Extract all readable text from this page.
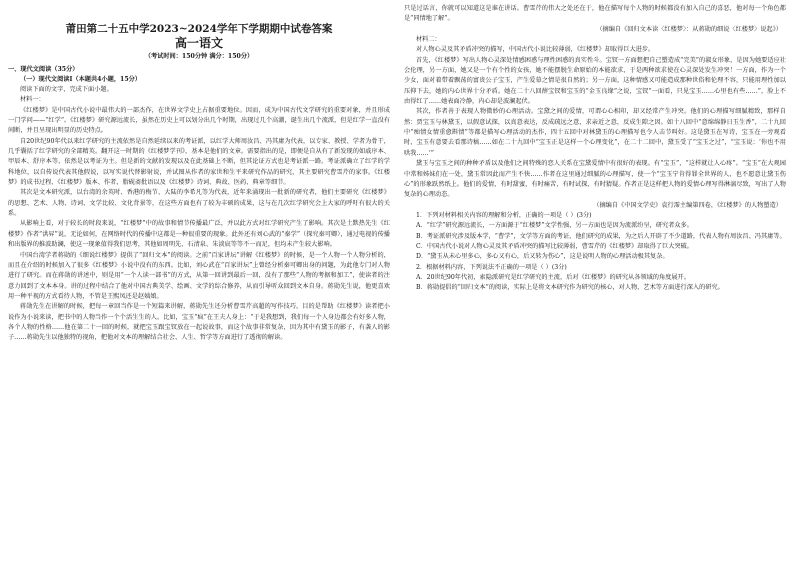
莆田第二十五中学2023~2024学年下学期期中试卷答案
高一语文
（考试时间：150分钟 满分：150分）
一、现代文阅读（35分）
（一）现代文阅读Ⅰ（本题共4小题，15分）
阅读下面的文字，完成下面小题。
材料一：

《红楼梦》是中国古代小说中最伟大的一部杰作，在世界文学史上占据重要地位。因而，成为中国古代文学研究的重要对象，并且形成一门学问——“红学”。《红楼梦》研究源远流长，虽然在历史上可以划分出几个时期，出现过几个高潮，诞生出几个流派，但是红学一直没有间断，并且呈现出明显的历史特点。

自20世纪90年代以来红学研究的主流依然是自然延续以来的考证派，以红学大师周汝昌、冯其庸为代表，以专家、教授、学者为骨干，几乎囊括了红学研究的全部精英。翻开这一时期的《红楼梦学刊》，基本是他们的文章。需要指出的是，即便是自从有了新发现的如戚序本、甲辰本、舒序本等，依然是以考证为主。但是新的文献的发现以及在此基础上不断，但其论证方式也是考证派一路。考证派确立了红学的学科地位，以自传说代表其他假说，以写实说代替影射说，并试图从作者的家世和生平来研究作品的研究，其主要研究曹雪芹的家事。《红楼梦》的成书过程、《红楼梦》版本、作者，脂砚斋批语以及《红楼梦》诗词、典故、医药、典章等细节。

其次是文本研究派，以台湾的余英时、香港的梅节、大陆的李希凡等为代表，近年来涌现出一批新的研究者，他们主要研究《红楼梦》的思想、艺术、人物、诗词、文学比较、文化背景等，在这些方面也有了较为丰硕的成果，这与在几次红学研究会上大家的呼吁有很大的关系。

从影响上看，对于较长的时段来说，“红楼梦”中的故事和情节传播最广泛，并以此方式对红学研究产生了影响。其次是土默热先生《红楼梦》作者“洪昇”说，无论如何，在网络时代的传播中这都是一种很重要的现象。此外还有刘心武的“秦学”（探究秦可卿），通过电视的传播和出版界的推波助澜，使这一现象值得我们思考，其他如周明先、石清泉、朱淡宸等等不一而足，但均未产生较大影响。

中国台湾学者蒋勋的《细说红楼梦》提供了“回归文本”的阅读。之前“百家讲坛”讲解《红楼梦》的时候，是一个人物一个人物分析的，而且在介绍的时候加入了很多《红楼梦》小说中没有的东西。比如，刘心武在“百家讲坛”上曾经分析秦可卿出身的问题，为此他专门对人物进行了研究。而在蒋勋的讲述中，则是用“一个人读一部书”的方式，从第一回讲到最后一回，没有了那些“人物的考据和加工”，使读者的注意力回到了文本本身。讲的过程中结合了他对中国古典美学、绘画、文学的综合修养，从而引导听众回到文本自身。蒋勋先生说，他更喜欢用一种平视的方式看待人物，不管是王熙凤还是赵姨娘。

蒋勋先生在讲解的时候，把每一章回当作是一个短篇来讲解，蒋勋先生还分析曹雪芹高超的写作技巧，目的是帮助《红楼梦》读者把小说作为小说来读，把书中的人物当作一个个活生生的人。比如，宝玉“疯”在王夫人身上：“于是我想到，我们每一个人身边都会有好多人物，各个人物的性格……他在第二十一回的时候，就把宝玉跟宝钗放在一起说故事，而这个故事非常复杂，因为其中有黛玉的影子，有袭人的影子……蒋勋先生以他独特的视角，把他对文本的理解结合社会、人生、哲学等方面进行了透彻的解读。

只是过话言，你就可以知道这是谁在讲话。曹雪芹的伟大之处还在于，他在描写每个人物的时候都没有加入自己的喜恶，他对每一个角色都是“同情地了解”。

（摘编自《回归文本读〈红楼梦〉：从蒋勋的细说〈红楼梦〉说起》）
材料二：

对人物心灵及其矛盾冲突的描写，中国古代小说比较薄弱，《红楼梦》却取得巨大进步。

首先，《红楼梦》写出人物心灵深处情感困惑与理性困惑的真实性斗。宝钗一方面想把自己塑造成“完美”的淑女形象，是因为她要适应社会伦理，另一方面，她又是一个有个性的女孩，她不能摆脱生命原始的本能欲求，于是两种欲求使在心灵深处发生冲突！一方面，作为一个少女，面对着带着飘荡的富贵公子宝玉，产生爱慕之情是很自然的；另一方面，这种情感又可能造成那种世俗和伦理不容，只能用理性加以压抑下去，她的内心世界十分矛盾。她在二十八回薛宝钗和宝玉的“金玉良缘”之说，宝钗“一面看，只见宝玉……心里也有些……”，脸上不由得红了……她表面冷静，内心却是波澜起伏。

其次，作者善于表现人物微妙的心理活动。宝黛之间的爱情，可谓心心相印，却又经常产生冲突。他们的心理描写细腻精致，那样自然：贾宝玉与林黛玉，以假意试探，以真意表达，反成疏远之意，求亲近之意，反成生隙之因。如十八回中“意绵绵静日玉生香”，二十九回中“痴情女情重愈斟情”等都是描写心理活动的杰作，四十五回中对林黛玉的心理描写也令人击节叫好。这是黛玉在写诗，宝玉在一旁观看时，宝玉有意要去看那诗稿……如在二十九回中“宝玉正是这样一个心理变化”，在二十二回中，黛玉受了“宝玉之过”，“宝玉说：‘你也不用哄我……’”

黛玉与宝玉之间的种种矛盾以及他们之间特殊的恋人关系在宝黛爱情中有很好的表现。有“宝玉”，“这样就让人心疼”。“宝玉”在大观园中常和姊妹们在一处，黛玉常因此而产生不快……作者在这里通过细腻的心理描写，使一个“宝玉宁肯得罪全世界的人，也不愿意让黛玉伤心”的形象跃然纸上。他们的爱情，有时甜蜜，有时痛苦，有时试探，有时猜疑。作者正是这样把人物的爱情心理写得淋漓尽致，写出了人物复杂的心理动态。

（摘编自《中国文学史》袁行霈主编第四卷，《红楼梦》的人物塑造）

1．下列对材料相关内容的理解和分析，正确的一项是（ ）(3分)

A．“红学”研究源远流长，一方面源于“红楼梦”文学性强，另一方面也是因为流派纷呈，研究者众多。

B．考证派研究涉及版本学，“曹学”，文学等方面的考证，他们研究的成果，为之后人开辟了不少道路，代表人物有周汝昌、冯其庸等。

C．中国古代小说对人物心灵及其矛盾冲突的描写比较薄弱，曹雪芹的《红楼梦》却取得了巨大突破。

D．“黛玉从未心里多心，多心又有心，后又转为伤心”，这是说明人物的心理活动极其复杂。

2．根据材料内容，下列说法不正确的一项是（ ）(3分)

A．20世纪90年代初，索隐派研究是红学研究的主流，后对《红楼梦》的研究从各领域的角度展开。

B．蒋勋提倡的“回归文本”的阅读，实际上是将文本研究作为研究的核心，对人物、艺术等方面进行深入的研究。
